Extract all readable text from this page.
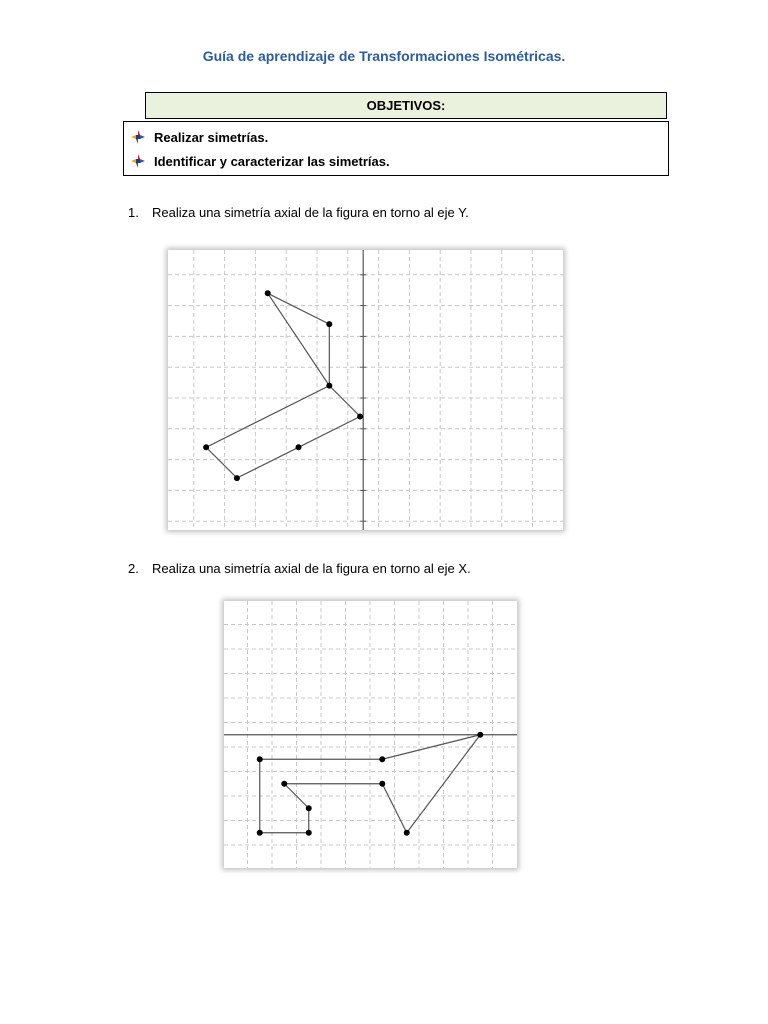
Guía de aprendizaje de Transformaciones Isométricas.
OBJETIVOS:
Realizar simetrías.
Identificar y caracterizar las simetrías.
1. Realiza una simetría axial de la figura en torno al eje Y.
2. Realiza una simetría axial de la figura en torno al eje X.
